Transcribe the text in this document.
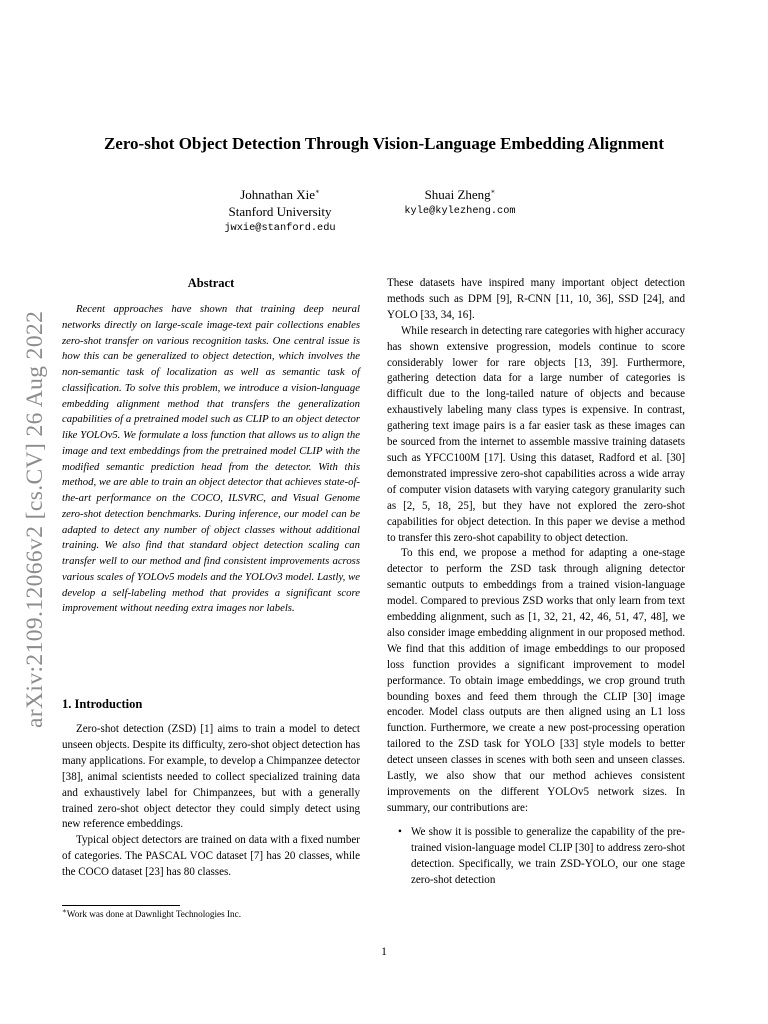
arXiv:2109.12066v2 [cs.CV] 26 Aug 2022
Zero-shot Object Detection Through Vision-Language Embedding Alignment
Johnathan Xie∗
Stanford University
jwxie@stanford.edu
Shuai Zheng∗
kyle@kylezheng.com
Abstract

Recent approaches have shown that training deep neural networks directly on large-scale image-text pair collections enables zero-shot transfer on various recognition tasks. One central issue is how this can be generalized to object detection, which involves the non-semantic task of localization as well as semantic task of classification. To solve this problem, we introduce a vision-language embedding alignment method that transfers the generalization capabilities of a pretrained model such as CLIP to an object detector like YOLOv5. We formulate a loss function that allows us to align the image and text embeddings from the pretrained model CLIP with the modified semantic prediction head from the detector. With this method, we are able to train an object detector that achieves state-of-the-art performance on the COCO, ILSVRC, and Visual Genome zero-shot detection benchmarks. During inference, our model can be adapted to detect any number of object classes without additional training. We also find that standard object detection scaling can transfer well to our method and find consistent improvements across various scales of YOLOv5 models and the YOLOv3 model. Lastly, we develop a self-labeling method that provides a significant score improvement without needing extra images nor labels.

1. Introduction

Zero-shot detection (ZSD) [1] aims to train a model to detect unseen objects. Despite its difficulty, zero-shot object detection has many applications. For example, to develop a Chimpanzee detector [38], animal scientists needed to collect specialized training data and exhaustively label for Chimpanzees, but with a generally trained zero-shot object detector they could simply detect using new reference embeddings.

Typical object detectors are trained on data with a fixed number of categories. The PASCAL VOC dataset [7] has 20 classes, while the COCO dataset [23] has 80 classes.

These datasets have inspired many important object detection methods such as DPM [9], R-CNN [11, 10, 36], SSD [24], and YOLO [33, 34, 16].

While research in detecting rare categories with higher accuracy has shown extensive progression, models continue to score considerably lower for rare objects [13, 39]. Furthermore, gathering detection data for a large number of categories is difficult due to the long-tailed nature of objects and because exhaustively labeling many class types is expensive. In contrast, gathering text image pairs is a far easier task as these images can be sourced from the internet to assemble massive training datasets such as YFCC100M [17]. Using this dataset, Radford et al. [30] demonstrated impressive zero-shot capabilities across a wide array of computer vision datasets with varying category granularity such as [2, 5, 18, 25], but they have not explored the zero-shot capabilities for object detection. In this paper we devise a method to transfer this zero-shot capability to object detection.

To this end, we propose a method for adapting a one-stage detector to perform the ZSD task through aligning detector semantic outputs to embeddings from a trained vision-language model. Compared to previous ZSD works that only learn from text embedding alignment, such as [1, 32, 21, 42, 46, 51, 47, 48], we also consider image embedding alignment in our proposed method. We find that this addition of image embeddings to our proposed loss function provides a significant improvement to model performance. To obtain image embeddings, we crop ground truth bounding boxes and feed them through the CLIP [30] image encoder. Model class outputs are then aligned using an L1 loss function. Furthermore, we create a new post-processing operation tailored to the ZSD task for YOLO [33] style models to better detect unseen classes in scenes with both seen and unseen classes. Lastly, we also show that our method achieves consistent improvements on the different YOLOv5 network sizes. In summary, our contributions are:

• We show it is possible to generalize the capability of the pre-trained vision-language model CLIP [30] to address zero-shot detection. Specifically, we train ZSD-YOLO, our one stage zero-shot detection
∗Work was done at Dawnlight Technologies Inc.
1
